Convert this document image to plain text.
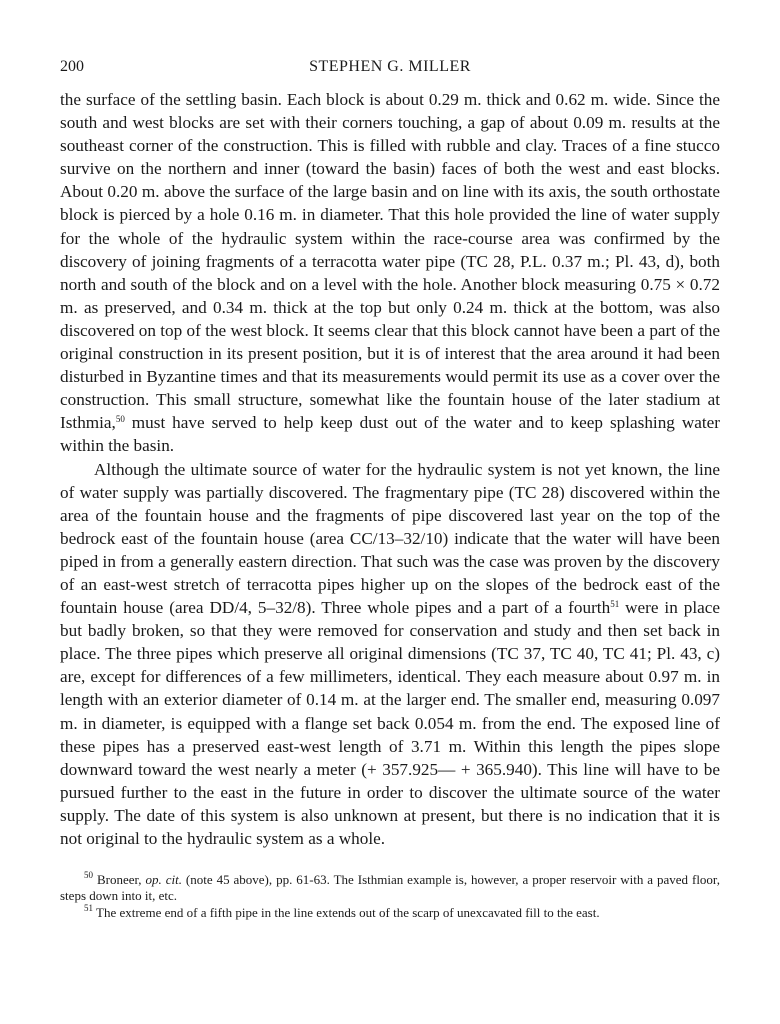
200	STEPHEN G. MILLER

the surface of the settling basin. Each block is about 0.29 m. thick and 0.62 m. wide. Since the south and west blocks are set with their corners touching, a gap of about 0.09 m. results at the southeast corner of the construction. This is filled with rubble and clay. Traces of a fine stucco survive on the northern and inner (toward the basin) faces of both the west and east blocks. About 0.20 m. above the surface of the large basin and on line with its axis, the south orthostate block is pierced by a hole 0.16 m. in diameter. That this hole provided the line of water supply for the whole of the hydraulic system within the race-course area was confirmed by the discovery of joining fragments of a terracotta water pipe (TC 28, P.L. 0.37 m.; Pl. 43, d), both north and south of the block and on a level with the hole. Another block measuring 0.75 × 0.72 m. as preserved, and 0.34 m. thick at the top but only 0.24 m. thick at the bottom, was also discovered on top of the west block. It seems clear that this block cannot have been a part of the original construction in its present position, but it is of interest that the area around it had been disturbed in Byzantine times and that its measurements would permit its use as a cover over the construction. This small structure, somewhat like the fountain house of the later stadium at Isthmia,$^{50}$ must have served to help keep dust out of the water and to keep splashing water within the basin.

Although the ultimate source of water for the hydraulic system is not yet known, the line of water supply was partially discovered. The fragmentary pipe (TC 28) discovered within the area of the fountain house and the fragments of pipe discovered last year on the top of the bedrock east of the fountain house (area CC/13–32/10) indicate that the water will have been piped in from a generally eastern direction. That such was the case was proven by the discovery of an east-west stretch of terracotta pipes higher up on the slopes of the bedrock east of the fountain house (area DD/4, 5–32/8). Three whole pipes and a part of a fourth$^{51}$ were in place but badly broken, so that they were removed for conservation and study and then set back in place. The three pipes which preserve all original dimensions (TC 37, TC 40, TC 41; Pl. 43, c) are, except for differences of a few millimeters, identical. They each measure about 0.97 m. in length with an exterior diameter of 0.14 m. at the larger end. The smaller end, measuring 0.097 m. in diameter, is equipped with a flange set back 0.054 m. from the end. The exposed line of these pipes has a preserved east-west length of 3.71 m. Within this length the pipes slope downward toward the west nearly a meter (+ 357.925— + 365.940). This line will have to be pursued further to the east in the future in order to discover the ultimate source of the water supply. The date of this system is also unknown at present, but there is no indication that it is not original to the hydraulic system as a whole.

$^{50}$ Broneer, op. cit. (note 45 above), pp. 61-63. The Isthmian example is, however, a proper reservoir with a paved floor, steps down into it, etc.

$^{51}$ The extreme end of a fifth pipe in the line extends out of the scarp of unexcavated fill to the east.
